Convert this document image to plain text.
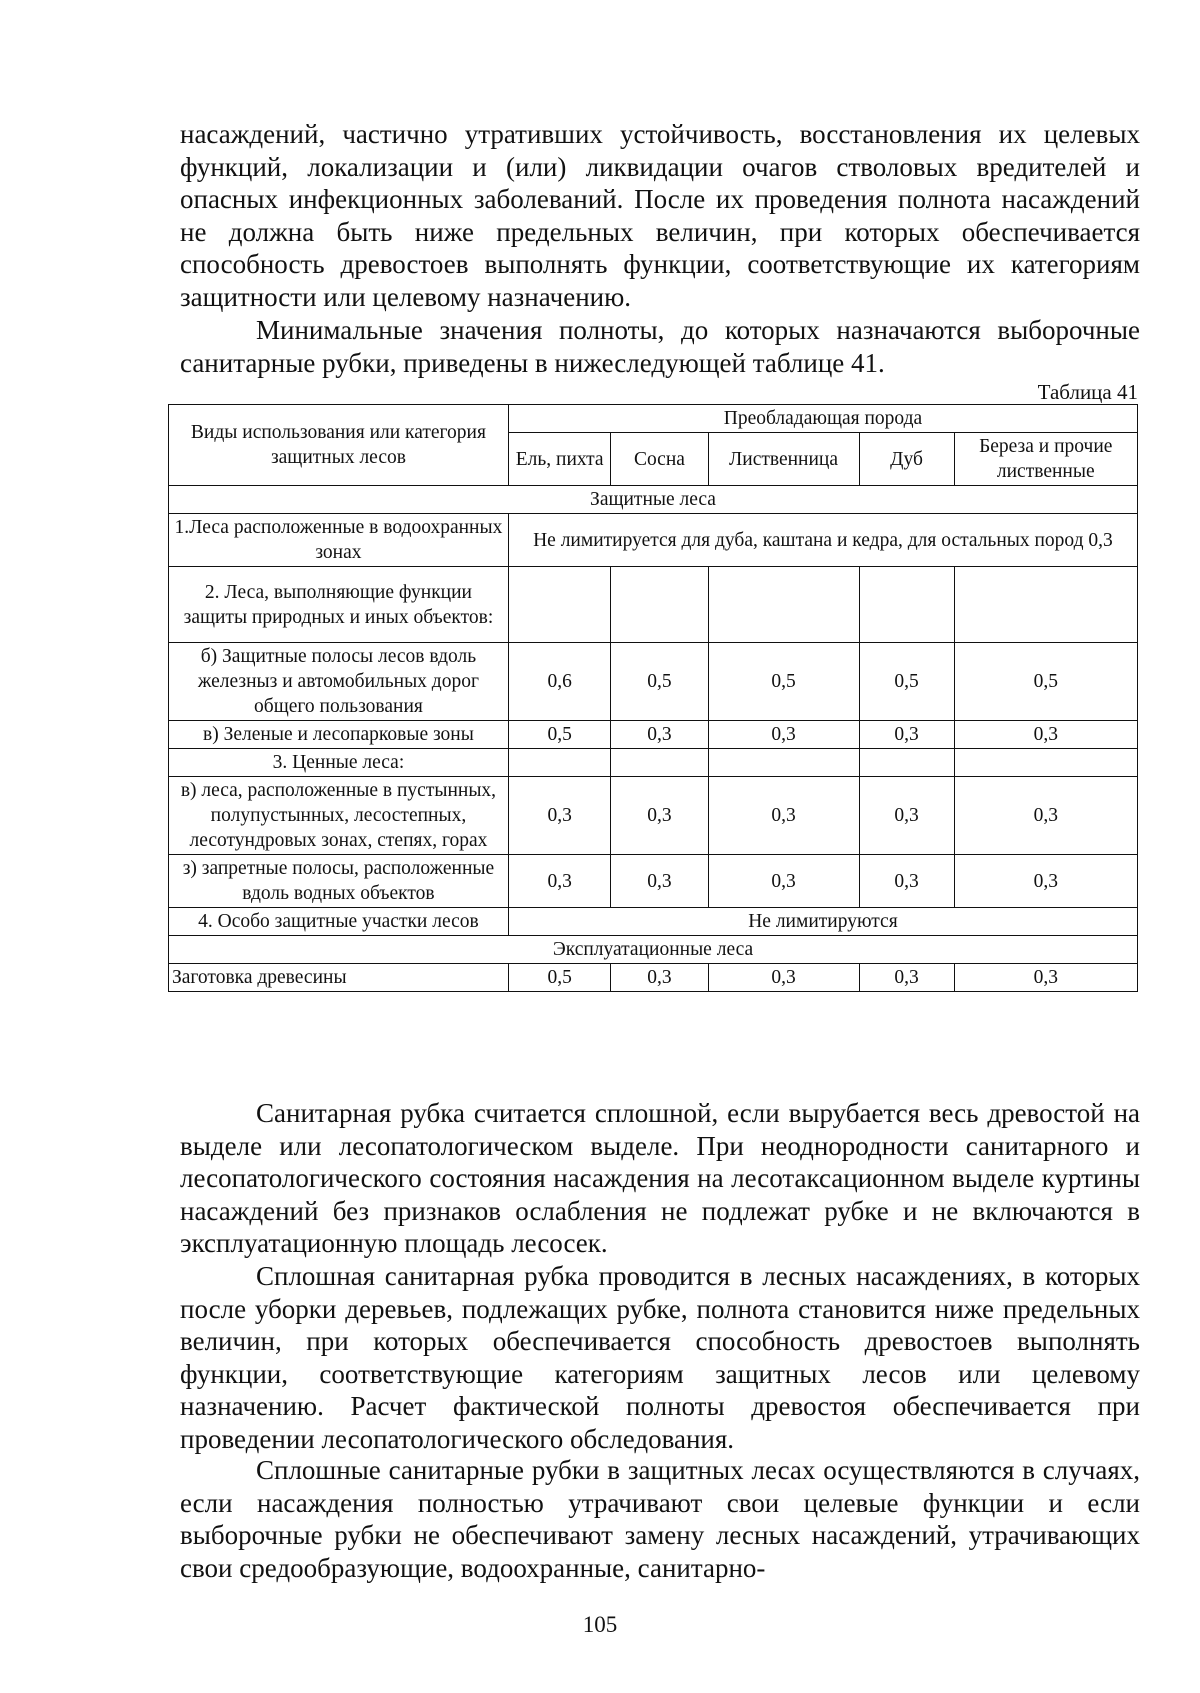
насаждений, частично утративших устойчивость, восстановления их целевых функций, локализации и (или) ликвидации очагов стволовых вредителей и опасных инфекционных заболеваний. После их проведения полнота насаждений не должна быть ниже предельных величин, при которых обеспечивается способность древостоев выполнять функции, соответствующие их категориям защитности или целевому назначению.

Минимальные значения полноты, до которых назначаются выборочные санитарные рубки, приведены в нижеследующей таблице 41.

Таблица 41
Виды использования или категория защитных лесов	Преобладающая порода				
	Ель, пихта	Сосна	Лиственница	Дуб	Береза и прочие лиственные
Защитные леса					
1.Леса расположенные в водоохранных зонах	Не лимитируется для дуба, каштана и кедра, для остальных пород 0,3				
2. Леса, выполняющие функции защиты природных и иных объектов:					
б) Защитные полосы лесов вдоль железныз и автомобильных дорог общего пользования	0,6	0,5	0,5	0,5	0,5
в) Зеленые и лесопарковые зоны	0,5	0,3	0,3	0,3	0,3
3. Ценные леса:					
в) леса, расположенные в пустынных, полупустынных, лесостепных, лесотундровых зонах, степях, горах	0,3	0,3	0,3	0,3	0,3
з) запретные полосы, расположенные вдоль водных объектов	0,3	0,3	0,3	0,3	0,3
4. Особо защитные участки лесов	Не лимитируются				
Эксплуатационные леса					
Заготовка древесины	0,5	0,3	0,3	0,3	0,3

Санитарная рубка считается сплошной, если вырубается весь древостой на выделе или лесопатологическом выделе. При неоднородности санитарного и лесопатологического состояния насаждения на лесотаксационном выделе куртины насаждений без признаков ослабления не подлежат рубке и не включаются в эксплуатационную площадь лесосек.

Сплошная санитарная рубка проводится в лесных насаждениях, в которых после уборки деревьев, подлежащих рубке, полнота становится ниже предельных величин, при которых обеспечивается способность древостоев выполнять функции, соответствующие категориям защитных лесов или целевому назначению. Расчет фактической полноты древостоя обеспечивается при проведении лесопатологического обследования.

Сплошные санитарные рубки в защитных лесах осуществляются в случаях, если насаждения полностью утрачивают свои целевые функции и если выборочные рубки не обеспечивают замену лесных насаждений, утрачивающих свои средообразующие, водоохранные, санитарно-

105
